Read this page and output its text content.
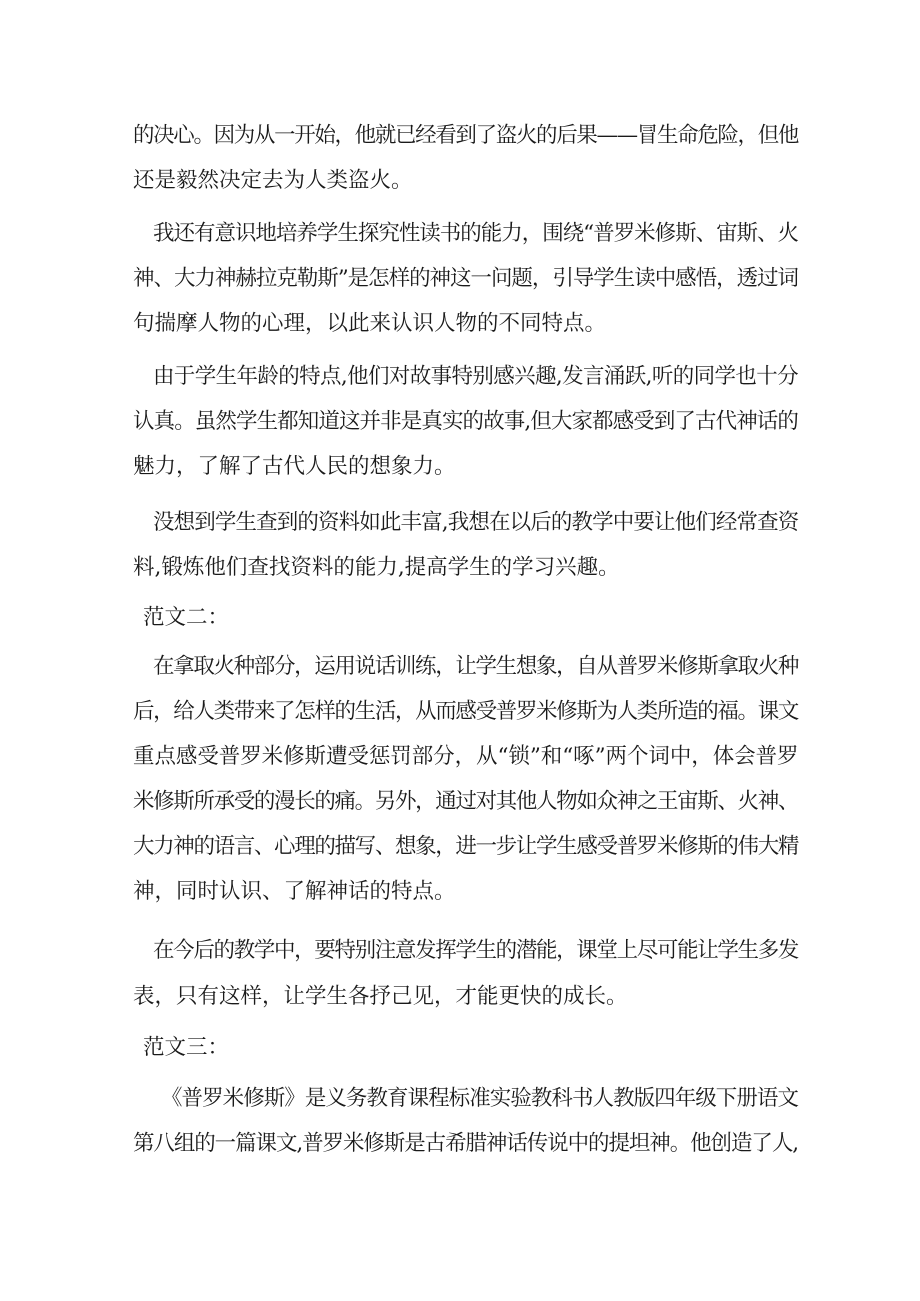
的决心。因为从一开始，他就已经看到了盗火的后果——冒生命危险，但他
还是毅然决定去为人类盗火。
我还有意识地培养学生探究性读书的能力，围绕“普罗米修斯、宙斯、火
神、大力神赫拉克勒斯”是怎样的神这一问题，引导学生读中感悟，透过词
句揣摩人物的心理，以此来认识人物的不同特点。
由于学生年龄的特点,他们对故事特别感兴趣,发言涌跃,听的同学也十分
认真。虽然学生都知道这并非是真实的故事,但大家都感受到了古代神话的
魅力，了解了古代人民的想象力。
没想到学生查到的资料如此丰富,我想在以后的教学中要让他们经常查资
料,锻炼他们查找资料的能力,提高学生的学习兴趣。
范文二：
在拿取火种部分，运用说话训练，让学生想象，自从普罗米修斯拿取火种
后，给人类带来了怎样的生活，从而感受普罗米修斯为人类所造的福。课文
重点感受普罗米修斯遭受惩罚部分，从“锁”和“啄”两个词中，体会普罗
米修斯所承受的漫长的痛。另外，通过对其他人物如众神之王宙斯、火神、
大力神的语言、心理的描写、想象，进一步让学生感受普罗米修斯的伟大精
神，同时认识、了解神话的特点。
在今后的教学中，要特别注意发挥学生的潜能，课堂上尽可能让学生多发
表，只有这样，让学生各抒己见，才能更快的成长。
范文三：
《普罗米修斯》是义务教育课程标准实验教科书人教版四年级下册语文
第八组的一篇课文,普罗米修斯是古希腊神话传说中的提坦神。他创造了人,
